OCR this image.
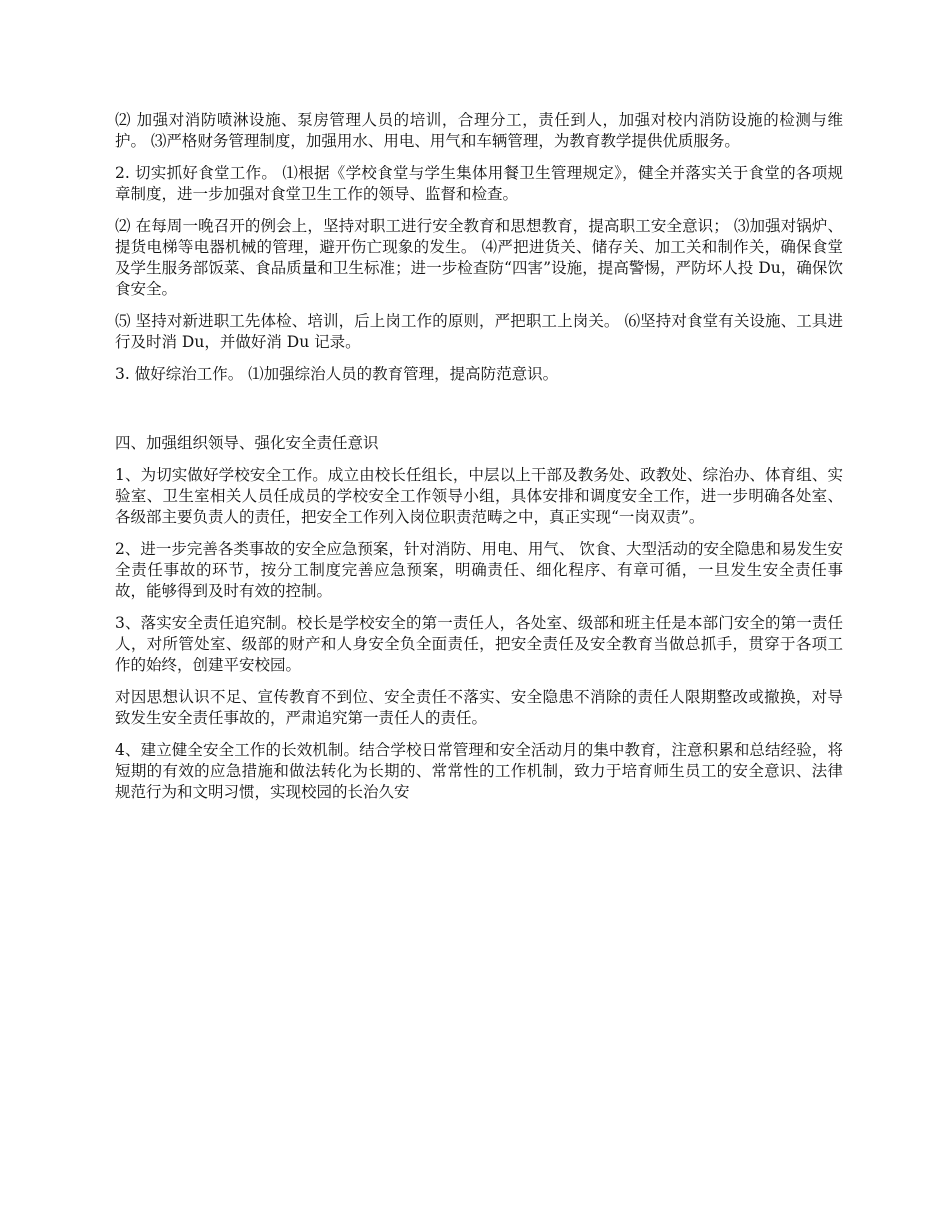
⑵ 加强对消防喷淋设施、泵房管理人员的培训，合理分工，责任到人，加强对校内消防设施的检测与维护。 ⑶严格财务管理制度，加强用水、用电、用气和车辆管理，为教育教学提供优质服务。

2. 切实抓好食堂工作。 ⑴根据《学校食堂与学生集体用餐卫生管理规定》，健全并落实关于食堂的各项规章制度，进一步加强对食堂卫生工作的领导、监督和检查。

⑵ 在每周一晚召开的例会上，坚持对职工进行安全教育和思想教育，提高职工安全意识； ⑶加强对锅炉、提货电梯等电器机械的管理，避开伤亡现象的发生。 ⑷严把进货关、储存关、加工关和制作关，确保食堂及学生服务部饭菜、食品质量和卫生标准；进一步检查防“四害”设施，提高警惕，严防坏人投 Du，确保饮食安全。

⑸ 坚持对新进职工先体检、培训，后上岗工作的原则，严把职工上岗关。 ⑹坚持对食堂有关设施、工具进行及时消 Du，并做好消 Du 记录。

3. 做好综治工作。 ⑴加强综治人员的教育管理，提高防范意识。

四、加强组织领导、强化安全责任意识

1、为切实做好学校安全工作。成立由校长任组长，中层以上干部及教务处、政教处、综治办、体育组、实验室、卫生室相关人员任成员的学校安全工作领导小组，具体安排和调度安全工作，进一步明确各处室、各级部主要负责人的责任，把安全工作列入岗位职责范畴之中，真正实现“一岗双责”。

2、进一步完善各类事故的安全应急预案，针对消防、用电、用气、 饮食、大型活动的安全隐患和易发生安全责任事故的环节，按分工制度完善应急预案，明确责任、细化程序、有章可循，一旦发生安全责任事故，能够得到及时有效的控制。

3、落实安全责任追究制。校长是学校安全的第一责任人，各处室、级部和班主任是本部门安全的第一责任人，对所管处室、级部的财产和人身安全负全面责任，把安全责任及安全教育当做总抓手，贯穿于各项工作的始终，创建平安校园。

对因思想认识不足、宣传教育不到位、安全责任不落实、安全隐患不消除的责任人限期整改或撤换，对导致发生安全责任事故的，严肃追究第一责任人的责任。

4、建立健全安全工作的长效机制。结合学校日常管理和安全活动月的集中教育，注意积累和总结经验，将短期的有效的应急措施和做法转化为长期的、常常性的工作机制，致力于培育师生员工的安全意识、法律规范行为和文明习惯，实现校园的长治久安
